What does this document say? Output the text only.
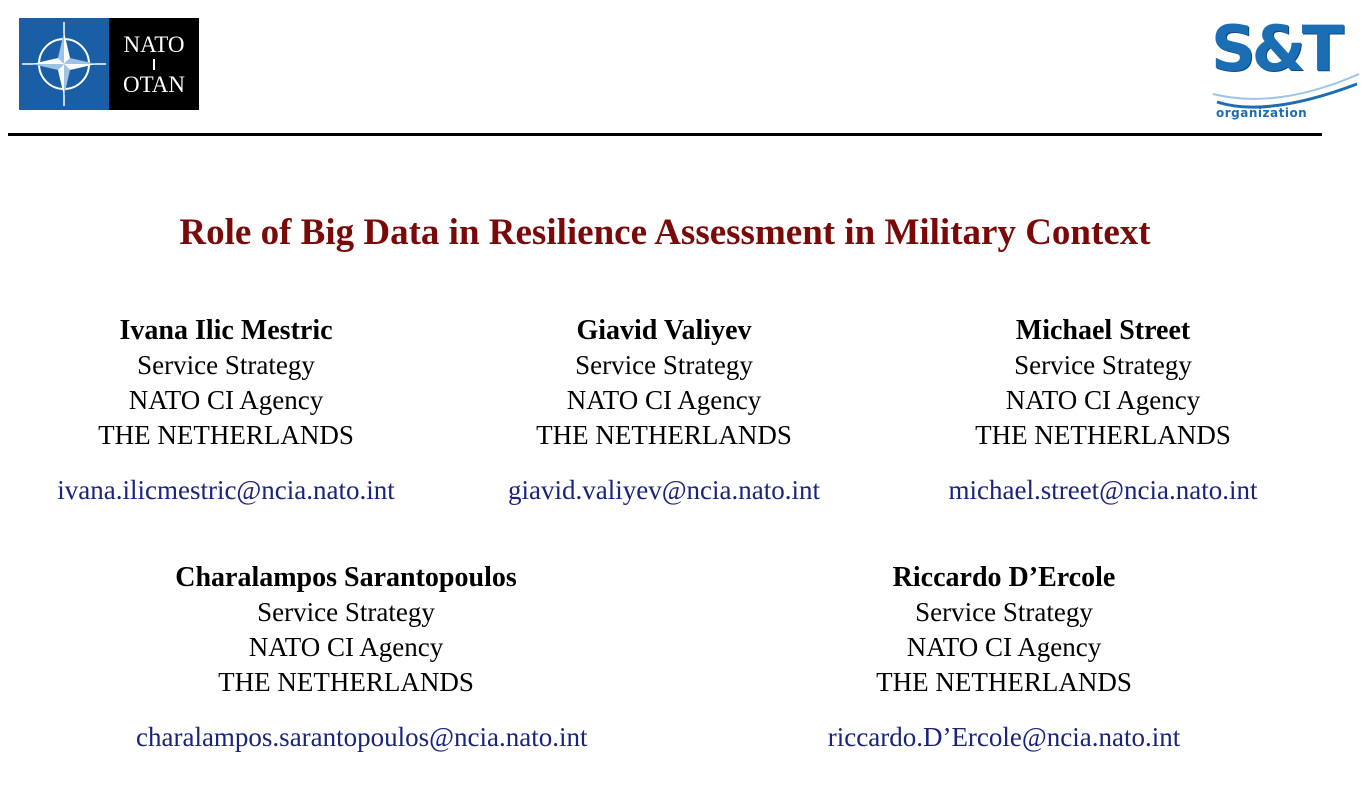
NATO
OTAN	S&T
organization
Role of Big Data in Resilience Assessment in Military Context
Ivana Ilic Mestric
Service Strategy
NATO CI Agency
THE NETHERLANDS
ivana.ilicmestric@ncia.nato.int
Giavid Valiyev
Service Strategy
NATO CI Agency
THE NETHERLANDS
giavid.valiyev@ncia.nato.int
Michael Street
Service Strategy
NATO CI Agency
THE NETHERLANDS
michael.street@ncia.nato.int
Charalampos Sarantopoulos
Service Strategy
NATO CI Agency
THE NETHERLANDS
charalampos.sarantopoulos@ncia.nato.int
Riccardo D’Ercole
Service Strategy
NATO CI Agency
THE NETHERLANDS
riccardo.D’Ercole@ncia.nato.int
